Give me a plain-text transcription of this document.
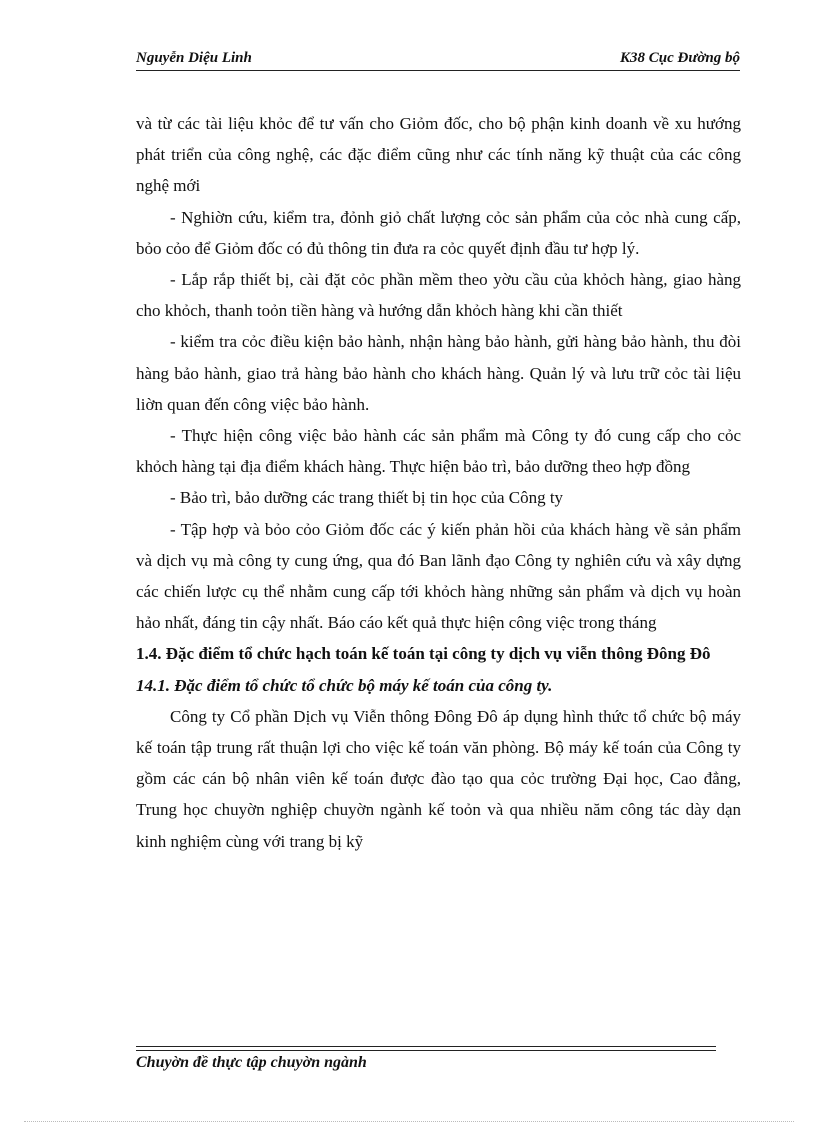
Nguyễn Diệu Linh	K38 Cục Đường bộ

và từ các tài liệu khỏc để tư vấn cho Giỏm đốc, cho bộ phận kinh doanh về xu hướng phát triển của công nghệ, các đặc điểm cũng như các tính năng kỹ thuật của các công nghệ mới

- Nghiờn cứu, kiểm tra, đỏnh giỏ chất lượng cỏc sản phẩm của cỏc nhà cung cấp, bỏo cỏo để Giỏm đốc có đủ thông tin đưa ra cỏc quyết định đầu tư hợp lý.

- Lắp rắp thiết bị, cài đặt cỏc phần mềm theo yờu cầu của khỏch hàng, giao hàng cho khỏch, thanh toỏn tiền hàng và hướng dẫn khỏch hàng khi cần thiết

- kiểm tra cỏc điều kiện bảo hành, nhận hàng bảo hành, gửi hàng bảo hành, thu đòi hàng bảo hành, giao trả hàng bảo hành cho khách hàng. Quản lý và lưu trữ cỏc tài liệu liờn quan đến công việc bảo hành.

- Thực hiện công việc bảo hành các sản phẩm mà Công ty đó cung cấp cho cỏc khỏch hàng tại địa điểm khách hàng. Thực hiện bảo trì, bảo dưỡng theo hợp đồng

- Bảo trì, bảo dưỡng các trang thiết bị tin học của Công ty

- Tập hợp và bỏo cỏo Giỏm đốc các ý kiến phản hồi của khách hàng về sản phẩm và dịch vụ mà công ty cung ứng, qua đó Ban lãnh đạo Công ty nghiên cứu và xây dựng các chiến lược cụ thể nhằm cung cấp tới khỏch hàng những sản phẩm và dịch vụ hoàn hảo nhất, đáng tin cậy nhất. Báo cáo kết quả thực hiện công việc trong tháng

1.4. Đặc điểm tổ chức hạch toán kế toán tại công ty dịch vụ viễn thông Đông Đô

14.1. Đặc điểm tổ chức tổ chức bộ máy kế toán của công ty.

Công ty Cổ phần Dịch vụ Viễn thông Đông Đô áp dụng hình thức tổ chức bộ máy kế toán tập trung rất thuận lợi cho việc kế toán văn phòng. Bộ máy kế toán của Công ty gồm các cán bộ nhân viên kế toán được đào tạo qua cỏc trường Đại học, Cao đẳng, Trung học chuyờn nghiệp chuyờn ngành kế toỏn và qua nhiều năm công tác dày dạn kinh nghiệm cùng với trang bị kỹ

Chuyờn đề thực tập chuyờn ngành
